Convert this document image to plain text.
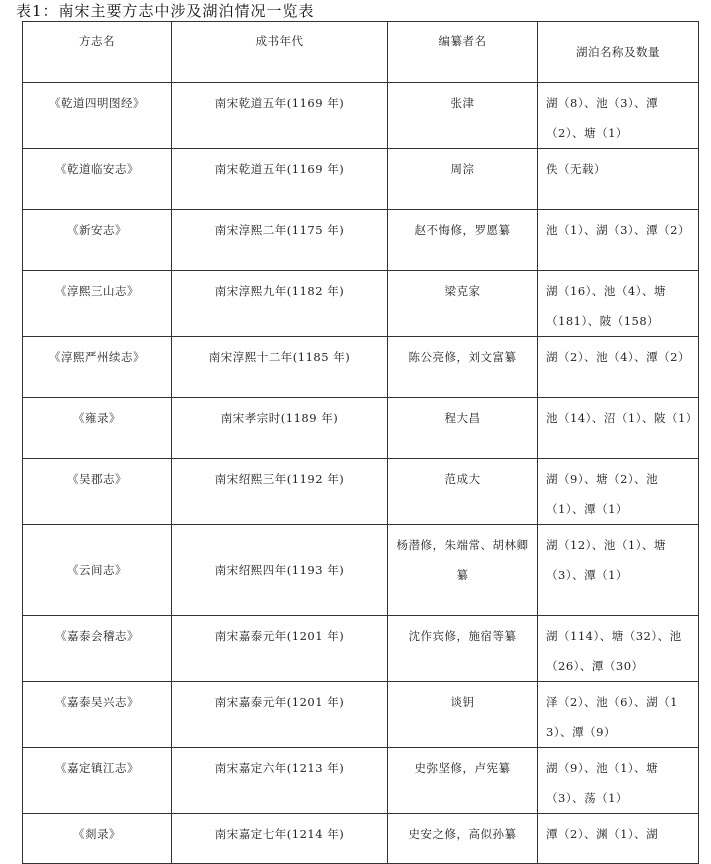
表1：南宋主要方志中涉及湖泊情况一览表
方志名	成书年代	编纂者名	湖泊名称及数量
《乾道四明图经》	南宋乾道五年(1169 年)	张津	湖（8）、池（3）、潭（2）、塘（1）
《乾道临安志》	南宋乾道五年(1169 年)	周淙	佚（无载）
《新安志》	南宋淳熙二年(1175 年)	赵不悔修，罗愿纂	池（1）、湖（3）、潭（2）
《淳熙三山志》	南宋淳熙九年(1182 年)	梁克家	湖（16）、池（4）、塘（181）、陂（158）
《淳熙严州续志》	南宋淳熙十二年(1185 年)	陈公亮修，刘文富纂	湖（2）、池（4）、潭（2）
《雍录》	南宋孝宗时(1189 年)	程大昌	池（14）、沼（1）、陂（1）
《吴郡志》	南宋绍熙三年(1192 年)	范成大	湖（9）、塘（2）、池（1）、潭（1）
《云间志》	南宋绍熙四年(1193 年)	杨潜修，朱端常、胡林卿纂	湖（12）、池（1）、塘（3）、潭（1）
《嘉泰会稽志》	南宋嘉泰元年(1201 年)	沈作宾修，施宿等纂	湖（114）、塘（32）、池（26）、潭（30）
《嘉泰吴兴志》	南宋嘉泰元年(1201 年)	谈钥	泽（2）、池（6）、湖（13）、潭（9）
《嘉定镇江志》	南宋嘉定六年(1213 年)	史弥坚修，卢宪纂	湖（9）、池（1）、塘（3）、荡（1）
《剡录》	南宋嘉定七年(1214 年)	史安之修，高似孙纂	潭（2）、渊（1）、湖
